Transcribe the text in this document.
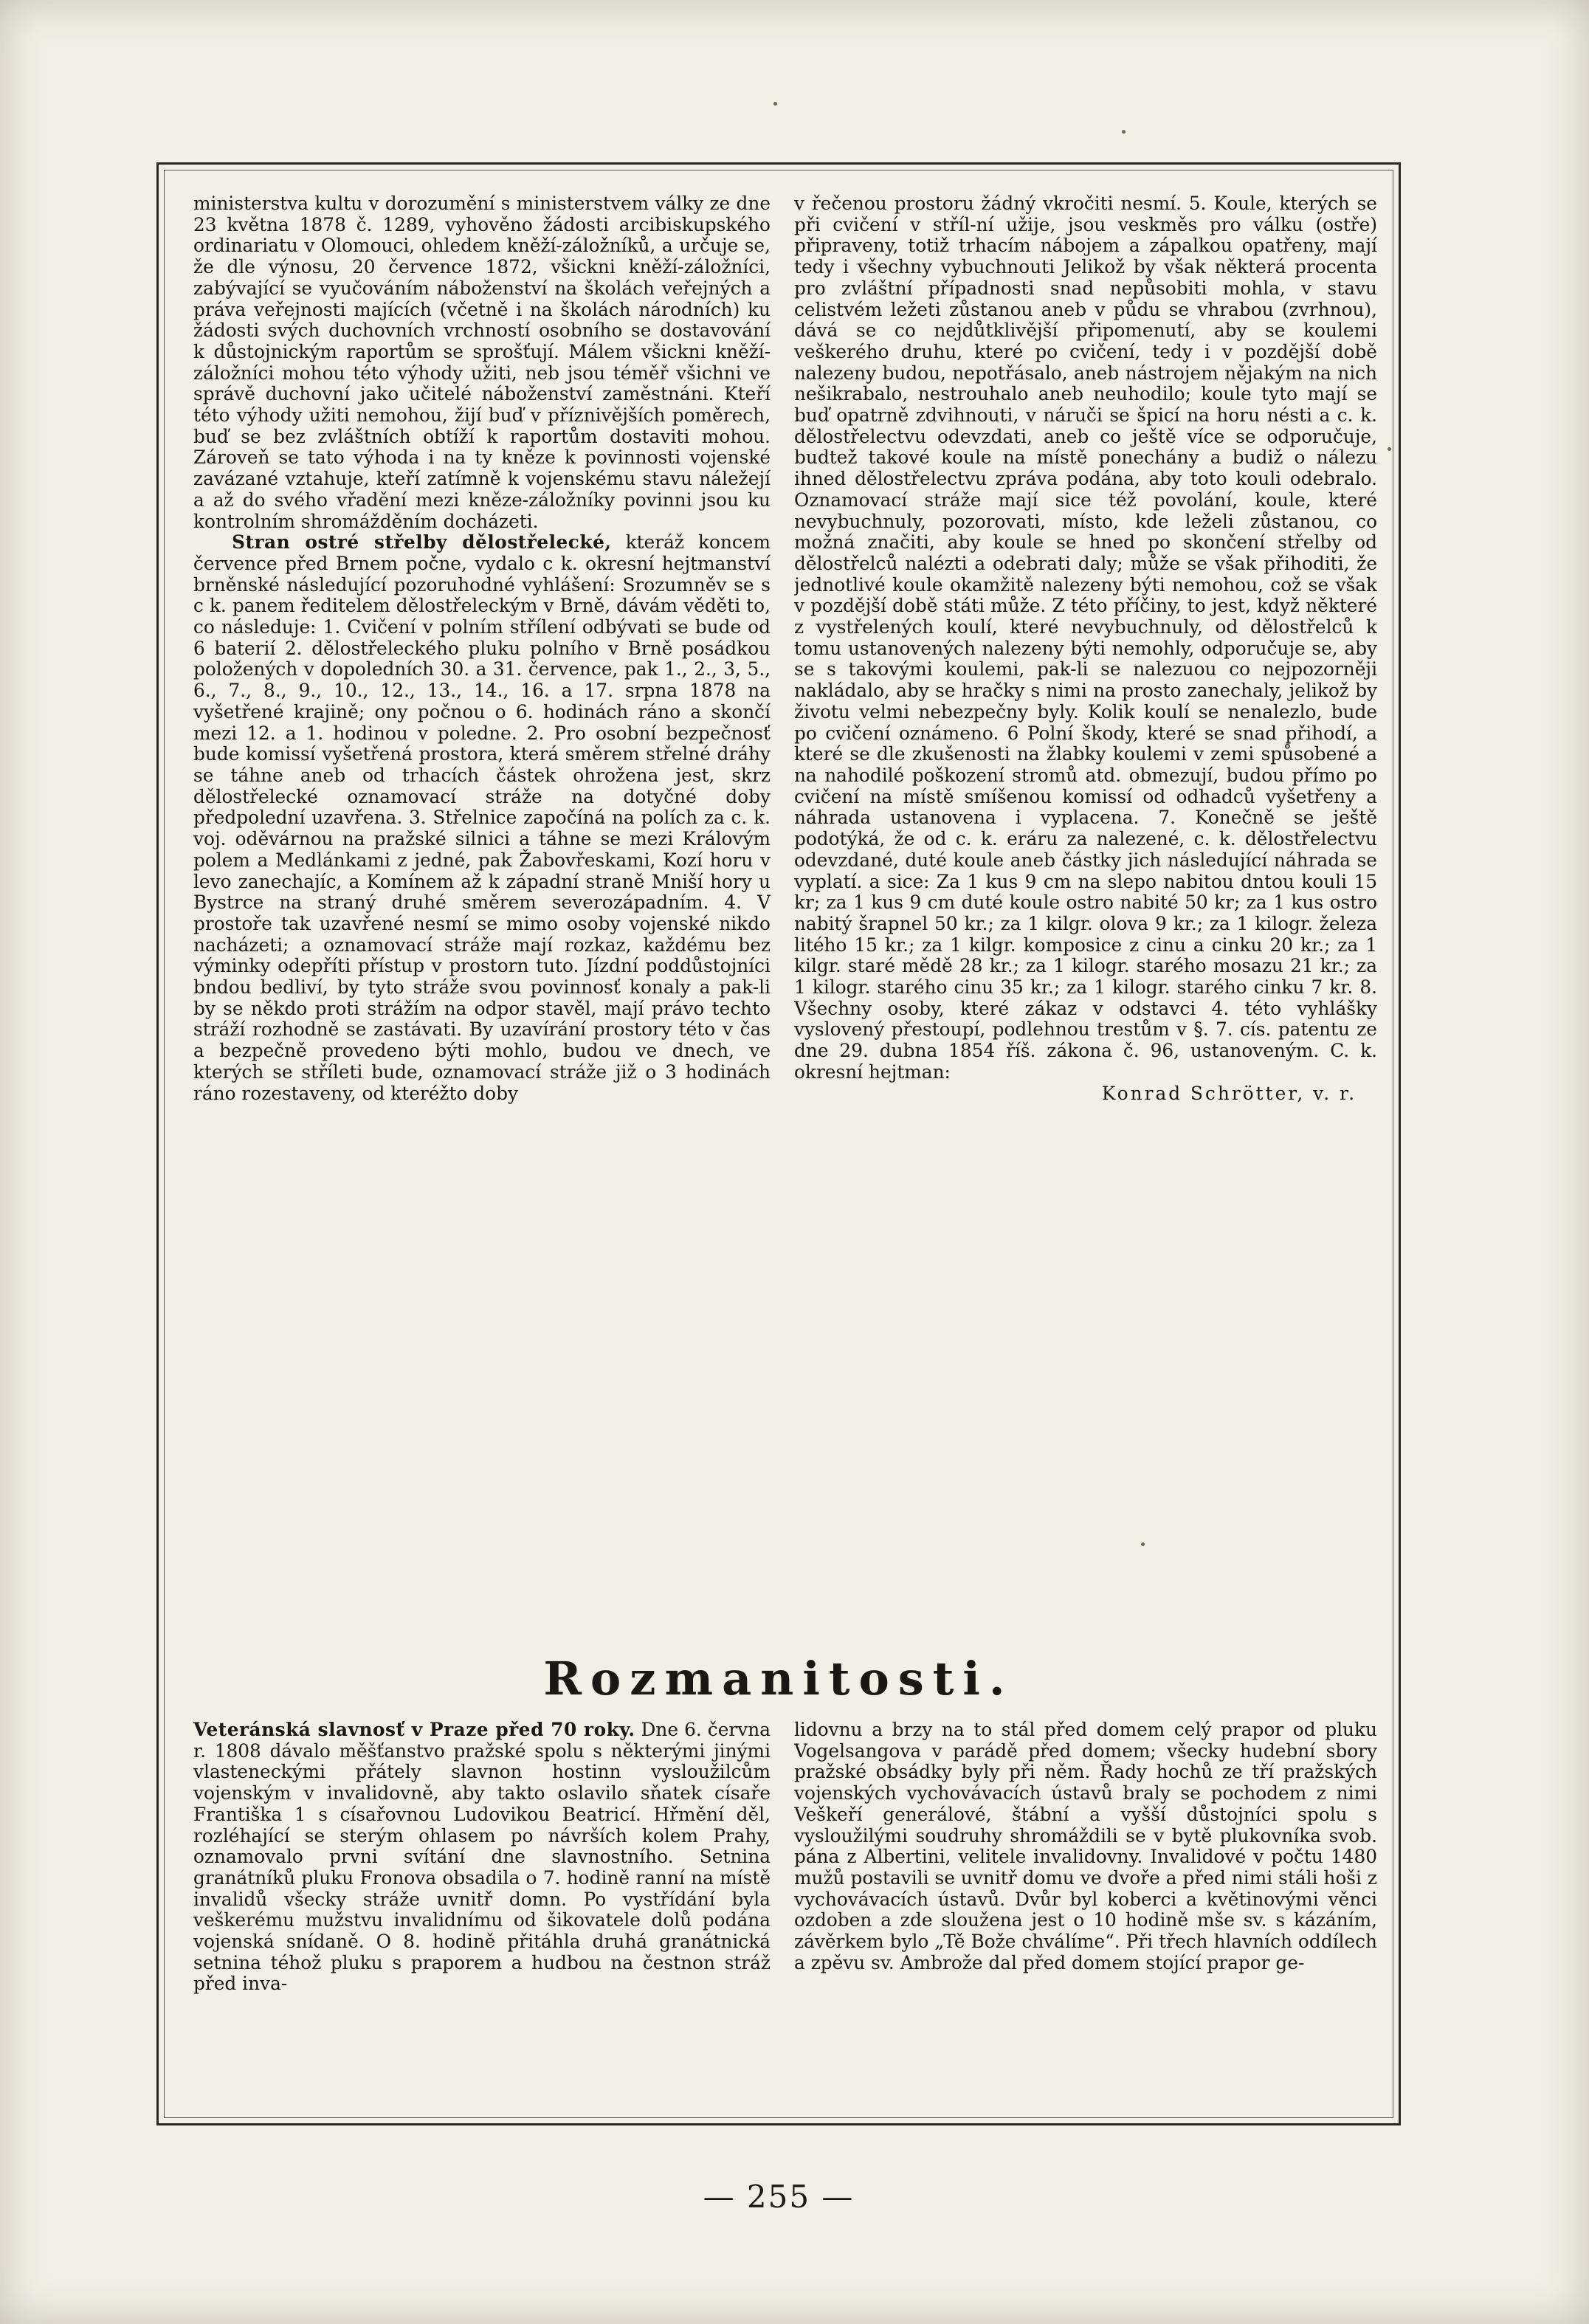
ministerstva kultu v dorozumění s ministerstvem války ze dne 23 května 1878 č. 1289, vyhověno žádosti arcibiskupského ordinariatu v Olomouci, ohledem kněží-záložníků, a určuje se, že dle výnosu, 20 července 1872, všickni kněží-záložníci, zabývající se vyučováním náboženství na školách veřejných a práva veřejnosti majících (včetně i na školách národních) ku žádosti svých duchovních vrchností osobního se dostavování k důstojnickým raportům se sprošťují. Málem všickni kněží-záložníci mohou této výhody užiti, neb jsou téměř všichni ve správě duchovní jako učitelé náboženství zaměstnáni. Kteří této výhody užiti nemohou, žijí buď v příznivějších poměrech, buď se bez zvláštních obtíží k raportům dostaviti mohou. Zároveň se tato výhoda i na ty kněze k povinnosti vojenské zavázané vztahuje, kteří zatímně k vojenskému stavu náležejí a až do svého vřadění mezi kněze-záložníky povinni jsou ku kontrolním shromážděním docházeti.

Stran ostré střelby dělostřelecké, kteráž koncem července před Brnem počne, vydalo c k. okresní hejtmanství brněnské následující pozoruhodné vyhlášení: Srozumněv se s c k. panem ředitelem dělostřeleckým v Brně, dávám věděti to, co následuje: 1. Cvičení v polním střílení odbývati se bude od 6 baterií 2. dělostřeleckého pluku polního v Brně posádkou položených v dopoledních 30. a 31. července, pak 1., 2., 3, 5., 6., 7., 8., 9., 10., 12., 13., 14., 16. a 17. srpna 1878 na vyšetřené krajině; ony počnou o 6. hodinách ráno a skončí mezi 12. a 1. hodinou v poledne. 2. Pro osobní bezpečnosť bude komissí vyšetřená prostora, která směrem střelné dráhy se táhne aneb od trhacích částek ohrožena jest, skrz dělostřelecké oznamovací stráže na dotyčné doby předpolední uzavřena. 3. Střelnice započíná na polích za c. k. voj. oděvárnou na pražské silnici a táhne se mezi Královým polem a Medlánkami z jedné, pak Žabovřeskami, Kozí horu v levo zanechajíc, a Komínem až k západní straně Mniší hory u Bystrce na straný druhé směrem severozápadním. 4. V prostoře tak uzavřené nesmí se mimo osoby vojenské nikdo nacházeti; a oznamovací stráže mají rozkaz, každému bez výminky odepříti přístup v prostorn tuto. Jízdní poddůstojníci bndou bedliví, by tyto stráže svou povinnosť konaly a pak-li by se někdo proti strážím na odpor stavěl, mají právo techto stráží rozhodně se zastávati. By uzavírání prostory této v čas a bezpečně provedeno býti mohlo, budou ve dnech, ve kterých se stříleti bude, oznamovací stráže již o 3 hodinách ráno rozestaveny, od kteréžto doby

v řečenou prostoru žádný vkročiti nesmí. 5. Koule, kterých se při cvičení v stříl-ní užije, jsou veskměs pro válku (ostře) připraveny, totiž trhacím nábojem a zápalkou opatřeny, mají tedy i všechny vybuchnouti Jelikož by však některá procenta pro zvláštní případnosti snad nepůsobiti mohla, v stavu celistvém ležeti zůstanou aneb v půdu se vhrabou (zvrhnou), dává se co nejdůtklivější připomenutí, aby se koulemi veškerého druhu, které po cvičení, tedy i v pozdější době nalezeny budou, nepotřásalo, aneb nástrojem nějakým na nich nešikrabalo, nestrouhalo aneb neuhodilo; koule tyto mají se buď opatrně zdvihnouti, v náruči se špicí na horu nésti a c. k. dělostřelectvu odevzdati, aneb co ještě více se odporučuje, budtež takové koule na místě ponechány a budiž o nálezu ihned dělostřelectvu zpráva podána, aby toto kouli odebralo. Oznamovací stráže mají sice též povolání, koule, které nevybuchnuly, pozorovati, místo, kde leželi zůstanou, co možná značiti, aby koule se hned po skončení střelby od dělostřelců nalézti a odebrati daly; může se však přihoditi, že jednotlivé koule okamžitě nalezeny býti nemohou, což se však v pozdější době státi může. Z této příčiny, to jest, když některé z vystřelených koulí, které nevybuchnuly, od dělostřelců k tomu ustanovených nalezeny býti nemohly, odporučuje se, aby se s takovými koulemi, pak-li se nalezuou co nejpozorněji nakládalo, aby se hračky s nimi na prosto zanechaly, jelikož by životu velmi nebezpečny byly. Kolik koulí se nenalezlo, bude po cvičení oznámeno. 6 Polní škody, které se snad přihodí, a které se dle zkušenosti na žlabky koulemi v zemi spůsobené a na nahodilé poškození stromů atd. obmezují, budou přímo po cvičení na místě smíšenou komissí od odhadců vyšetřeny a náhrada ustanovena i vyplacena. 7. Konečně se ještě podotýká, že od c. k. eráru za nalezené, c. k. dělostřelectvu odevzdané, duté koule aneb částky jich následující náhrada se vyplatí. a sice: Za 1 kus 9 cm na slepo nabitou dntou kouli 15 kr; za 1 kus 9 cm duté koule ostro nabité 50 kr; za 1 kus ostro nabitý šrapnel 50 kr.; za 1 kilgr. olova 9 kr.; za 1 kilogr. železa litého 15 kr.; za 1 kilgr. komposice z cinu a cinku 20 kr.; za 1 kilgr. staré mědě 28 kr.; za 1 kilogr. starého mosazu 21 kr.; za 1 kilogr. starého cinu 35 kr.; za 1 kilogr. starého cinku 7 kr. 8. Všechny osoby, které zákaz v odstavci 4. této vyhlášky vyslovený přestoupí, podlehnou trestům v §. 7. cís. patentu ze dne 29. dubna 1854 říš. zákona č. 96, ustanoveným. C. k. okresní hejtman:

Konrad Schrötter, v. r.

Rozmanitosti.

Veteránská slavnosť v Praze před 70 roky. Dne 6. června r. 1808 dávalo měšťanstvo pražské spolu s některými jinými vlasteneckými přátely slavnon hostinn vysloužilcům vojenským v invalidovně, aby takto oslavilo sňatek císaře Františka 1 s císařovnou Ludovikou Beatricí. Hřmění děl, rozléhající se sterým ohlasem po návrších kolem Prahy, oznamovalo prvni svítání dne slavnostního. Setnina granátníků pluku Fronova obsadila o 7. hodině ranní na místě invalidů všecky stráže uvnitř domn. Po vystřídání byla veškerému mužstvu invalidnímu od šikovatele dolů podána vojenská snídaně. O 8. hodině přitáhla druhá granátnická setnina téhož pluku s praporem a hudbou na čestnon stráž před inva-

lidovnu a brzy na to stál před domem celý prapor od pluku Vogelsangova v parádě před domem; všecky hudební sbory pražské obsádky byly při něm. Řady hochů ze tří pražských vojenských vychovávacích ústavů braly se pochodem z nimi Veškeří generálové, štábní a vyšší důstojníci spolu s vysloužilými soudruhy shromáždili se v bytě plukovníka svob. pána z Albertini, velitele invalidovny. Invalidové v počtu 1480 mužů postavili se uvnitř domu ve dvoře a před nimi stáli hoši z vychovávacích ústavů. Dvůr byl koberci a květinovými věnci ozdoben a zde sloužena jest o 10 hodině mše sv. s kázáním, závěrkem bylo „Tě Bože chválíme“. Při třech hlavních oddílech a zpěvu sv. Ambrože dal před domem stojící prapor ge-

— 255 —
